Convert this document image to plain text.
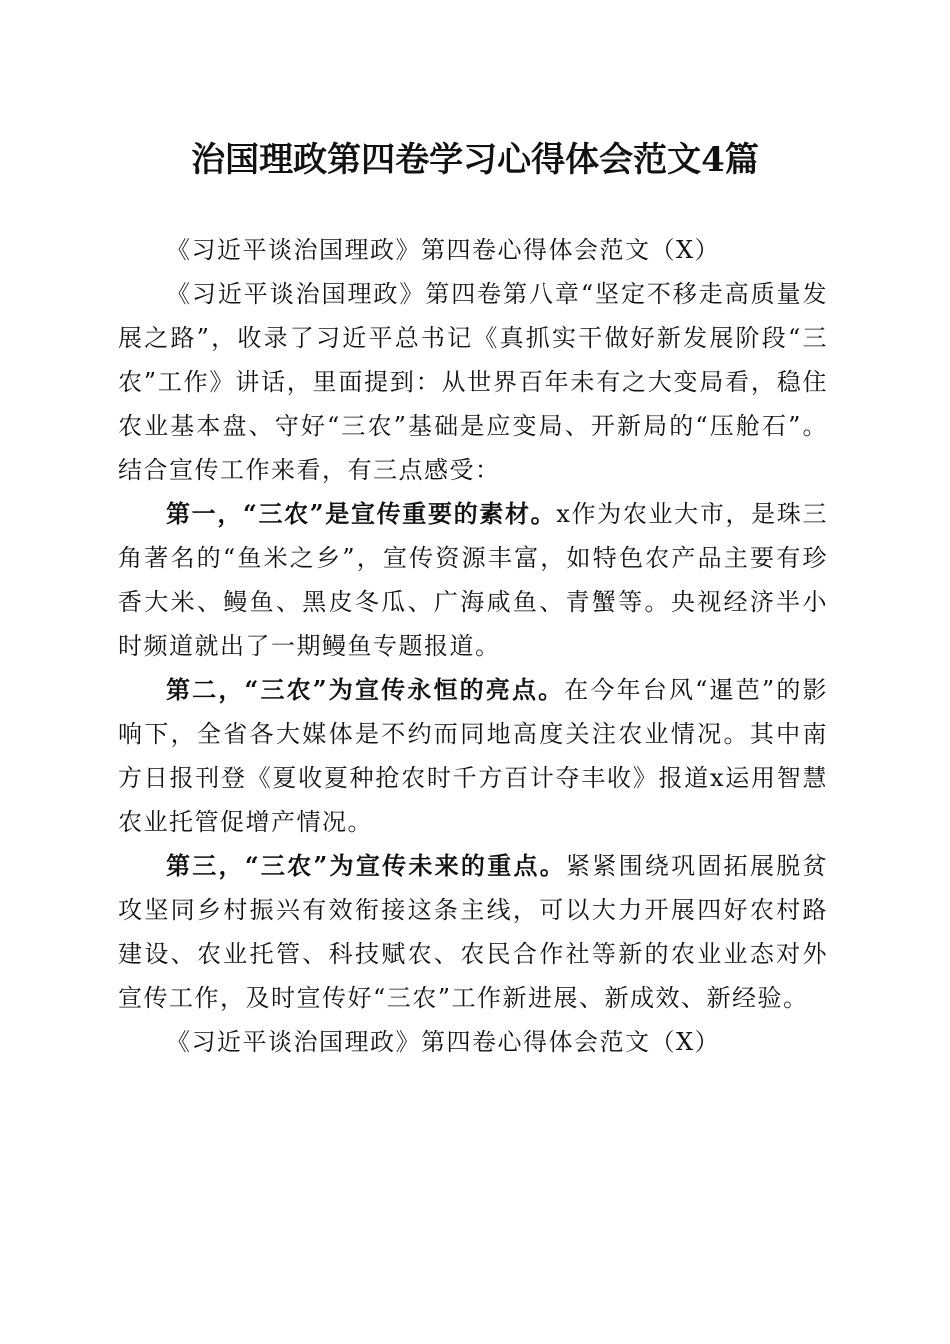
治国理政第四卷学习心得体会范文4篇

《习近平谈治国理政》第四卷心得体会范文（X）

《习近平谈治国理政》第四卷第八章“坚定不移走高质量发展之路”，收录了习近平总书记《真抓实干做好新发展阶段“三农”工作》讲话，里面提到：从世界百年未有之大变局看，稳住农业基本盘、守好“三农”基础是应变局、开新局的“压舱石”。结合宣传工作来看，有三点感受：

第一，“三农”是宣传重要的素材。x作为农业大市，是珠三角著名的“鱼米之乡”，宣传资源丰富，如特色农产品主要有珍香大米、鳗鱼、黑皮冬瓜、广海咸鱼、青蟹等。央视经济半小时频道就出了一期鳗鱼专题报道。

第二，“三农”为宣传永恒的亮点。在今年台风“暹芭”的影响下，全省各大媒体是不约而同地高度关注农业情况。其中南方日报刊登《夏收夏种抢农时千方百计夺丰收》报道x运用智慧农业托管促增产情况。

第三，“三农”为宣传未来的重点。紧紧围绕巩固拓展脱贫攻坚同乡村振兴有效衔接这条主线，可以大力开展四好农村路建设、农业托管、科技赋农、农民合作社等新的农业业态对外宣传工作，及时宣传好“三农”工作新进展、新成效、新经验。

《习近平谈治国理政》第四卷心得体会范文（X）
